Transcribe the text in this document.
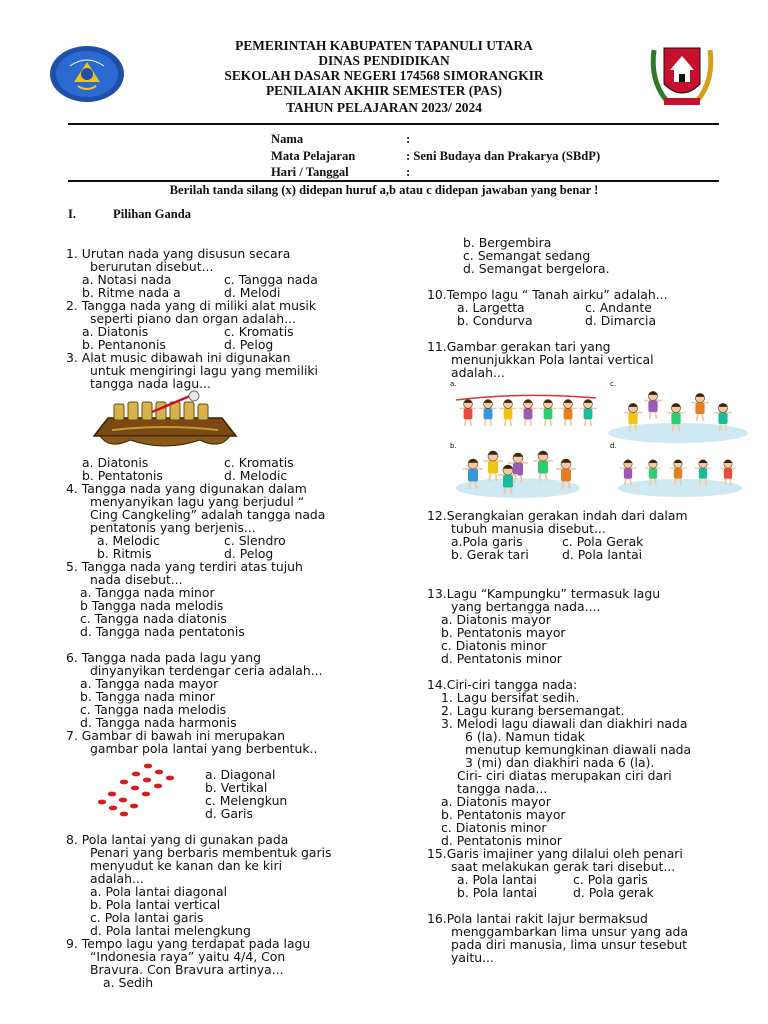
PEMERINTAH KABUPATEN TAPANULI UTARA
DINAS PENDIDIKAN
SEKOLAH DASAR NEGERI 174568 SIMORANGKIR
PENILAIAN AKHIR SEMESTER (PAS)
TAHUN PELAJARAN 2023/ 2024
Nama	:
Mata Pelajaran	: Seni Budaya dan Prakarya (SBdP)
Hari / Tanggal	:
Berilah tanda silang (x) didepan huruf a,b atau c didepan jawaban yang benar !
I.	Pilihan Ganda
1. Urutan nada yang disusun secara
berurutan disebut...
a. Notasi nada	c. Tangga nada
b. Ritme nada a	d. Melodi
2. Tangga nada yang di miliki alat musik
seperti piano dan organ adalah...
a. Diatonis	c. Kromatis
b. Pentanonis	d. Pelog
3. Alat music dibawah ini digunakan
untuk mengiringi lagu yang memiliki
tangga nada lagu...
a. Diatonis	c. Kromatis
b. Pentatonis	d. Melodic
4. Tangga nada yang digunakan dalam
menyanyikan lagu yang berjudul “
Cing Cangkeling” adalah tangga nada
pentatonis yang berjenis...
a. Melodic	c. Slendro
b. Ritmis	d. Pelog
5. Tangga nada yang terdiri atas tujuh
nada disebut...
a. Tangga nada minor
b Tangga nada melodis
c. Tangga nada diatonis
d. Tangga nada pentatonis
6. Tangga nada pada lagu yang
dinyanyikan terdengar ceria adalah...
a. Tangga nada mayor
b. Tangga nada minor
c. Tangga nada melodis
d. Tangga nada harmonis
7. Gambar di bawah ini merupakan
gambar pola lantai yang berbentuk..
a. Diagonal
b. Vertikal
c. Melengkun
d. Garis
8. Pola lantai yang di gunakan pada
Penari yang berbaris membentuk garis
menyudut ke kanan dan ke kiri
adalah...
a. Pola lantai diagonal
b. Pola lantai vertical
c. Pola lantai garis
d. Pola lantai melengkung
9. Tempo lagu yang terdapat pada lagu
“Indonesia raya” yaitu 4/4, Con
Bravura. Con Bravura artinya...
a. Sedih
b. Bergembira
c. Semangat sedang
d. Semangat bergelora.
10.Tempo lagu “ Tanah airku” adalah...
a. Largetta	c. Andante
b. Condurva	d. Dimarcia
11.Gambar gerakan tari yang
menunjukkan Pola lantai vertical
adalah...
12.Serangkaian gerakan indah dari dalam
tubuh manusia disebut...
a.Pola garis	c. Pola Gerak
b. Gerak tari	d. Pola lantai
13.Lagu “Kampungku” termasuk lagu
yang bertangga nada....
a. Diatonis mayor
b. Pentatonis mayor
c. Diatonis minor
d. Pentatonis minor
14.Ciri-ciri tangga nada:
1. Lagu bersifat sedih.
2. Lagu kurang bersemangat.
3. Melodi lagu diawali dan diakhiri nada
6 (la). Namun tidak
menutup kemungkinan diawali nada
3 (mi) dan diakhiri nada 6 (la).
Ciri- ciri diatas merupakan ciri dari
tangga nada...
a. Diatonis mayor
b. Pentatonis mayor
c. Diatonis minor
d. Pentatonis minor
15.Garis imajiner yang dilalui oleh penari
saat melakukan gerak tari disebut...
a. Pola lantai	c. Pola garis
b. Pola lantai	d. Pola gerak
16.Pola lantai rakit lajur bermaksud
menggambarkan lima unsur yang ada
pada diri manusia, lima unsur tesebut
yaitu...
a.	c.
b.	d.
